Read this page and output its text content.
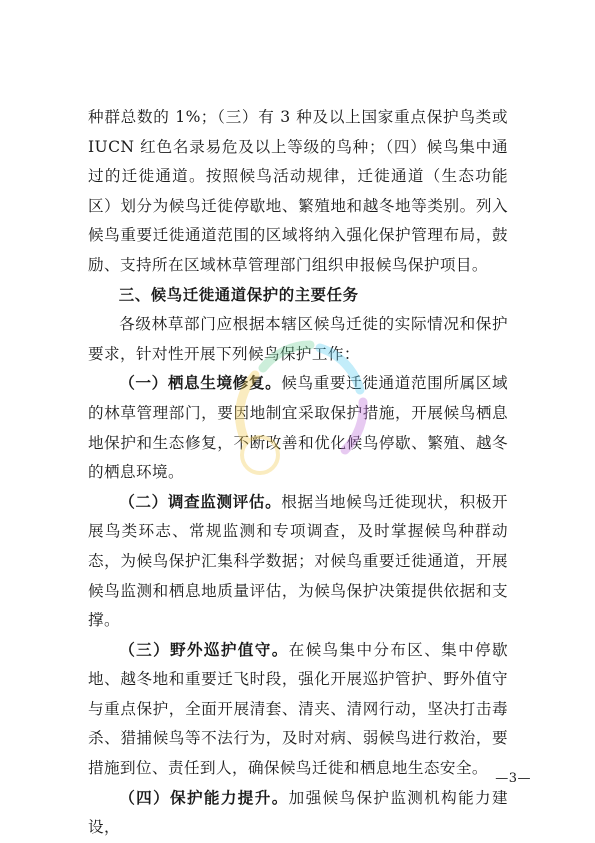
种群总数的 1%；（三）有 3 种及以上国家重点保护鸟类或 IUCN 红色名录易危及以上等级的鸟种；（四）候鸟集中通过的迁徙通道。按照候鸟活动规律，迁徙通道（生态功能区）划分为候鸟迁徙停歇地、繁殖地和越冬地等类别。列入候鸟重要迁徙通道范围的区域将纳入强化保护管理布局，鼓励、支持所在区域林草管理部门组织申报候鸟保护项目。

三、候鸟迁徙通道保护的主要任务

各级林草部门应根据本辖区候鸟迁徙的实际情况和保护要求，针对性开展下列候鸟保护工作：

（一）栖息生境修复。候鸟重要迁徙通道范围所属区域的林草管理部门，要因地制宜采取保护措施，开展候鸟栖息地保护和生态修复，不断改善和优化候鸟停歇、繁殖、越冬的栖息环境。

（二）调查监测评估。根据当地候鸟迁徙现状，积极开展鸟类环志、常规监测和专项调查，及时掌握候鸟种群动态，为候鸟保护汇集科学数据；对候鸟重要迁徙通道，开展候鸟监测和栖息地质量评估，为候鸟保护决策提供依据和支撑。

（三）野外巡护值守。在候鸟集中分布区、集中停歇地、越冬地和重要迁飞时段，强化开展巡护管护、野外值守与重点保护，全面开展清套、清夹、清网行动，坚决打击毒杀、猎捕候鸟等不法行为，及时对病、弱候鸟进行救治，要措施到位、责任到人，确保候鸟迁徙和栖息地生态安全。

（四）保护能力提升。加强候鸟保护监测机构能力建设，

—3—
